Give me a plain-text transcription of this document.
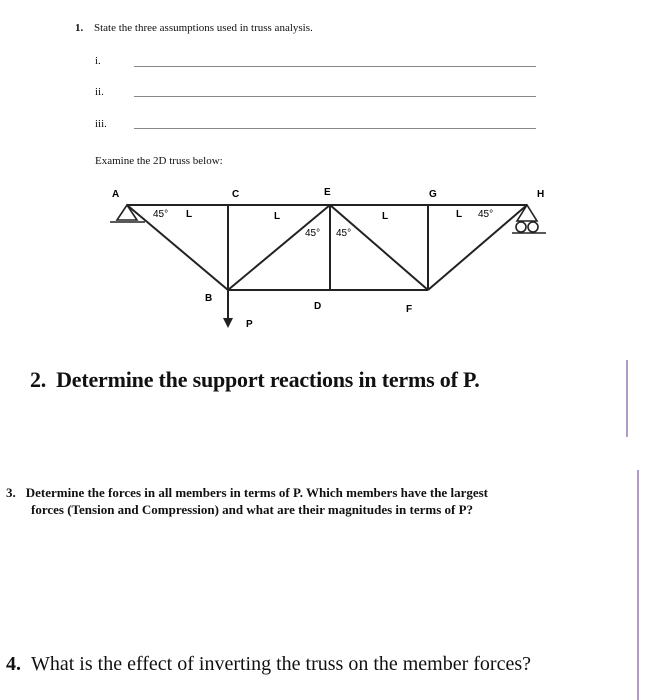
1. State the three assumptions used in truss analysis.
i.
ii.
iii.
Examine the 2D truss below:
A	C	E	G	H
B
D	F
P
L	L	L	L
45°
45° 45°
45°
2. Determine the support reactions in terms of P.
3. Determine the forces in all members in terms of P. Which members have the largest
forces (Tension and Compression) and what are their magnitudes in terms of P?
4. What is the effect of inverting the truss on the member forces?
